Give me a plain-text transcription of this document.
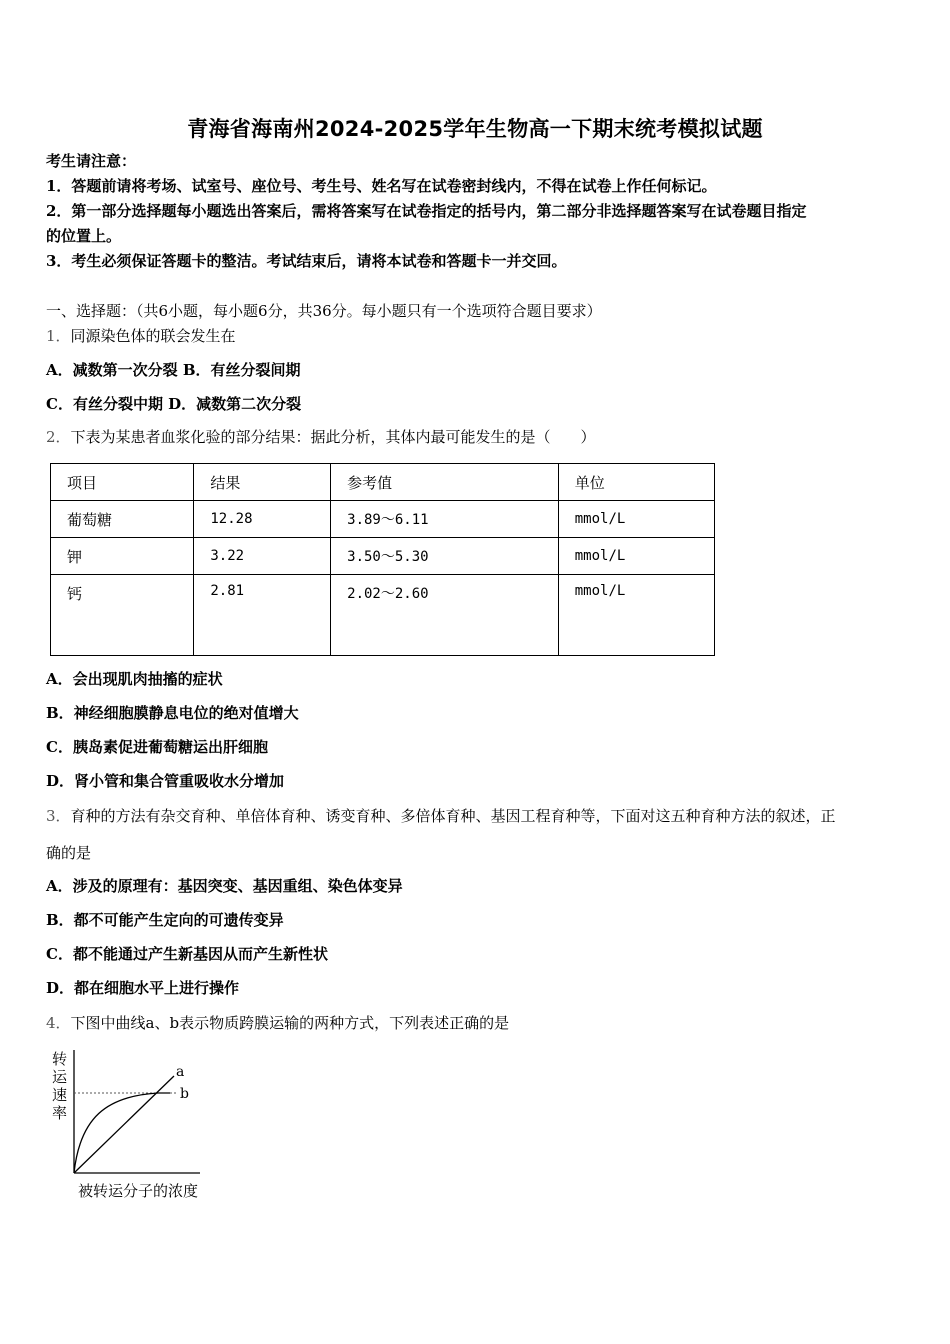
青海省海南州2024-2025学年生物高一下期末统考模拟试题
考生请注意：
1．答题前请将考场、试室号、座位号、考生号、姓名写在试卷密封线内，不得在试卷上作任何标记。
2．第一部分选择题每小题选出答案后，需将答案写在试卷指定的括号内，第二部分非选择题答案写在试卷题目指定
的位置上。
3．考生必须保证答题卡的整洁。考试结束后，请将本试卷和答题卡一并交回。
一、选择题：（共6小题，每小题6分，共36分。每小题只有一个选项符合题目要求）
1．同源染色体的联会发生在
A．减数第一次分裂 B．有丝分裂间期
C．有丝分裂中期 D．减数第二次分裂
2．下表为某患者血浆化验的部分结果：据此分析，其体内最可能发生的是（　　）
项目	结果	参考值	单位
葡萄糖	12.28	3.89～6.11	mmol/L
钾	3.22	3.50～5.30	mmol/L
钙	2.81	2.02～2.60	mmol/L
A．会出现肌肉抽搐的症状
B．神经细胞膜静息电位的绝对值增大
C．胰岛素促进葡萄糖运出肝细胞
D．肾小管和集合管重吸收水分增加
3．育种的方法有杂交育种、单倍体育种、诱变育种、多倍体育种、基因工程育种等，下面对这五种育种方法的叙述，正
确的是
A．涉及的原理有：基因突变、基因重组、染色体变异
B．都不可能产生定向的可遗传变异
C．都不能通过产生新基因从而产生新性状
D．都在细胞水平上进行操作
4．下图中曲线a、b表示物质跨膜运输的两种方式，下列表述正确的是
转
运
速
率
a
b
被转运分子的浓度
